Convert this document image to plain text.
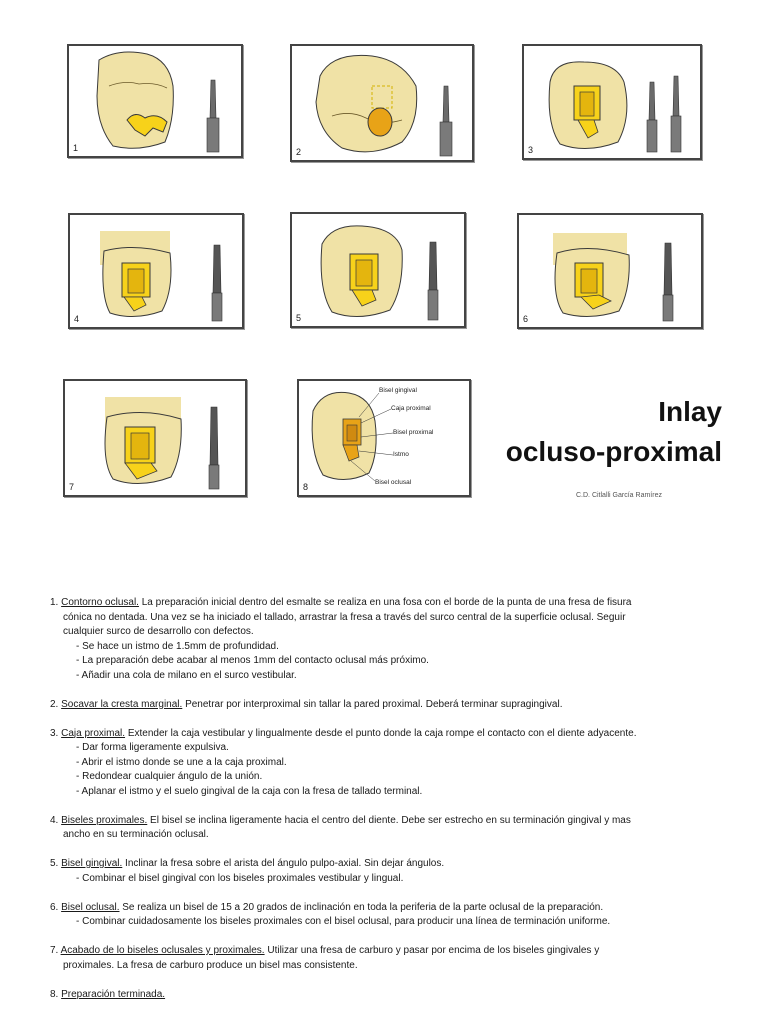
1	2	3
4	5	6
7
Bisel gingival
Caja proximal
Bisel proximal
Istmo
Bisel oclusal
8
Inlay
ocluso-proximal
C.D. Citlalli García Ramírez
1. Contorno oclusal. La preparación inicial dentro del esmalte se realiza en una fosa con el borde de la punta de una fresa de fisura
cónica no dentada. Una vez se ha iniciado el tallado, arrastrar la fresa a través del surco central de la superficie oclusal. Seguir
cualquier surco de desarrollo con defectos.
- Se hace un istmo de 1.5mm de profundidad.
- La preparación debe acabar al menos 1mm del contacto oclusal más próximo.
- Añadir una cola de milano en el surco vestibular.
2. Socavar la cresta marginal. Penetrar por interproximal sin tallar la pared proximal. Deberá terminar supragingival.
3. Caja proximal. Extender la caja vestibular y lingualmente desde el punto donde la caja rompe el contacto con el diente adyacente.
- Dar forma ligeramente expulsiva.
- Abrir el istmo donde se une a la caja proximal.
- Redondear cualquier ángulo de la unión.
- Aplanar el istmo y el suelo gingival de la caja con la fresa de tallado terminal.
4. Biseles proximales. El bisel se inclina ligeramente hacia el centro del diente. Debe ser estrecho en su terminación gingival y mas
ancho en su terminación oclusal.
5. Bisel gingival. Inclinar la fresa sobre el arista del ángulo pulpo-axial. Sin dejar ángulos.
- Combinar el bisel gingival con los biseles proximales vestibular y lingual.
6. Bisel oclusal. Se realiza un bisel de 15 a 20 grados de inclinación en toda la periferia de la parte oclusal de la preparación.
- Combinar cuidadosamente los biseles proximales con el bisel oclusal, para producir una línea de terminación uniforme.
7. Acabado de lo biseles oclusales y proximales. Utilizar una fresa de carburo y pasar por encima de los biseles gingivales y
proximales. La fresa de carburo produce un bisel mas consistente.
8. Preparación terminada.
